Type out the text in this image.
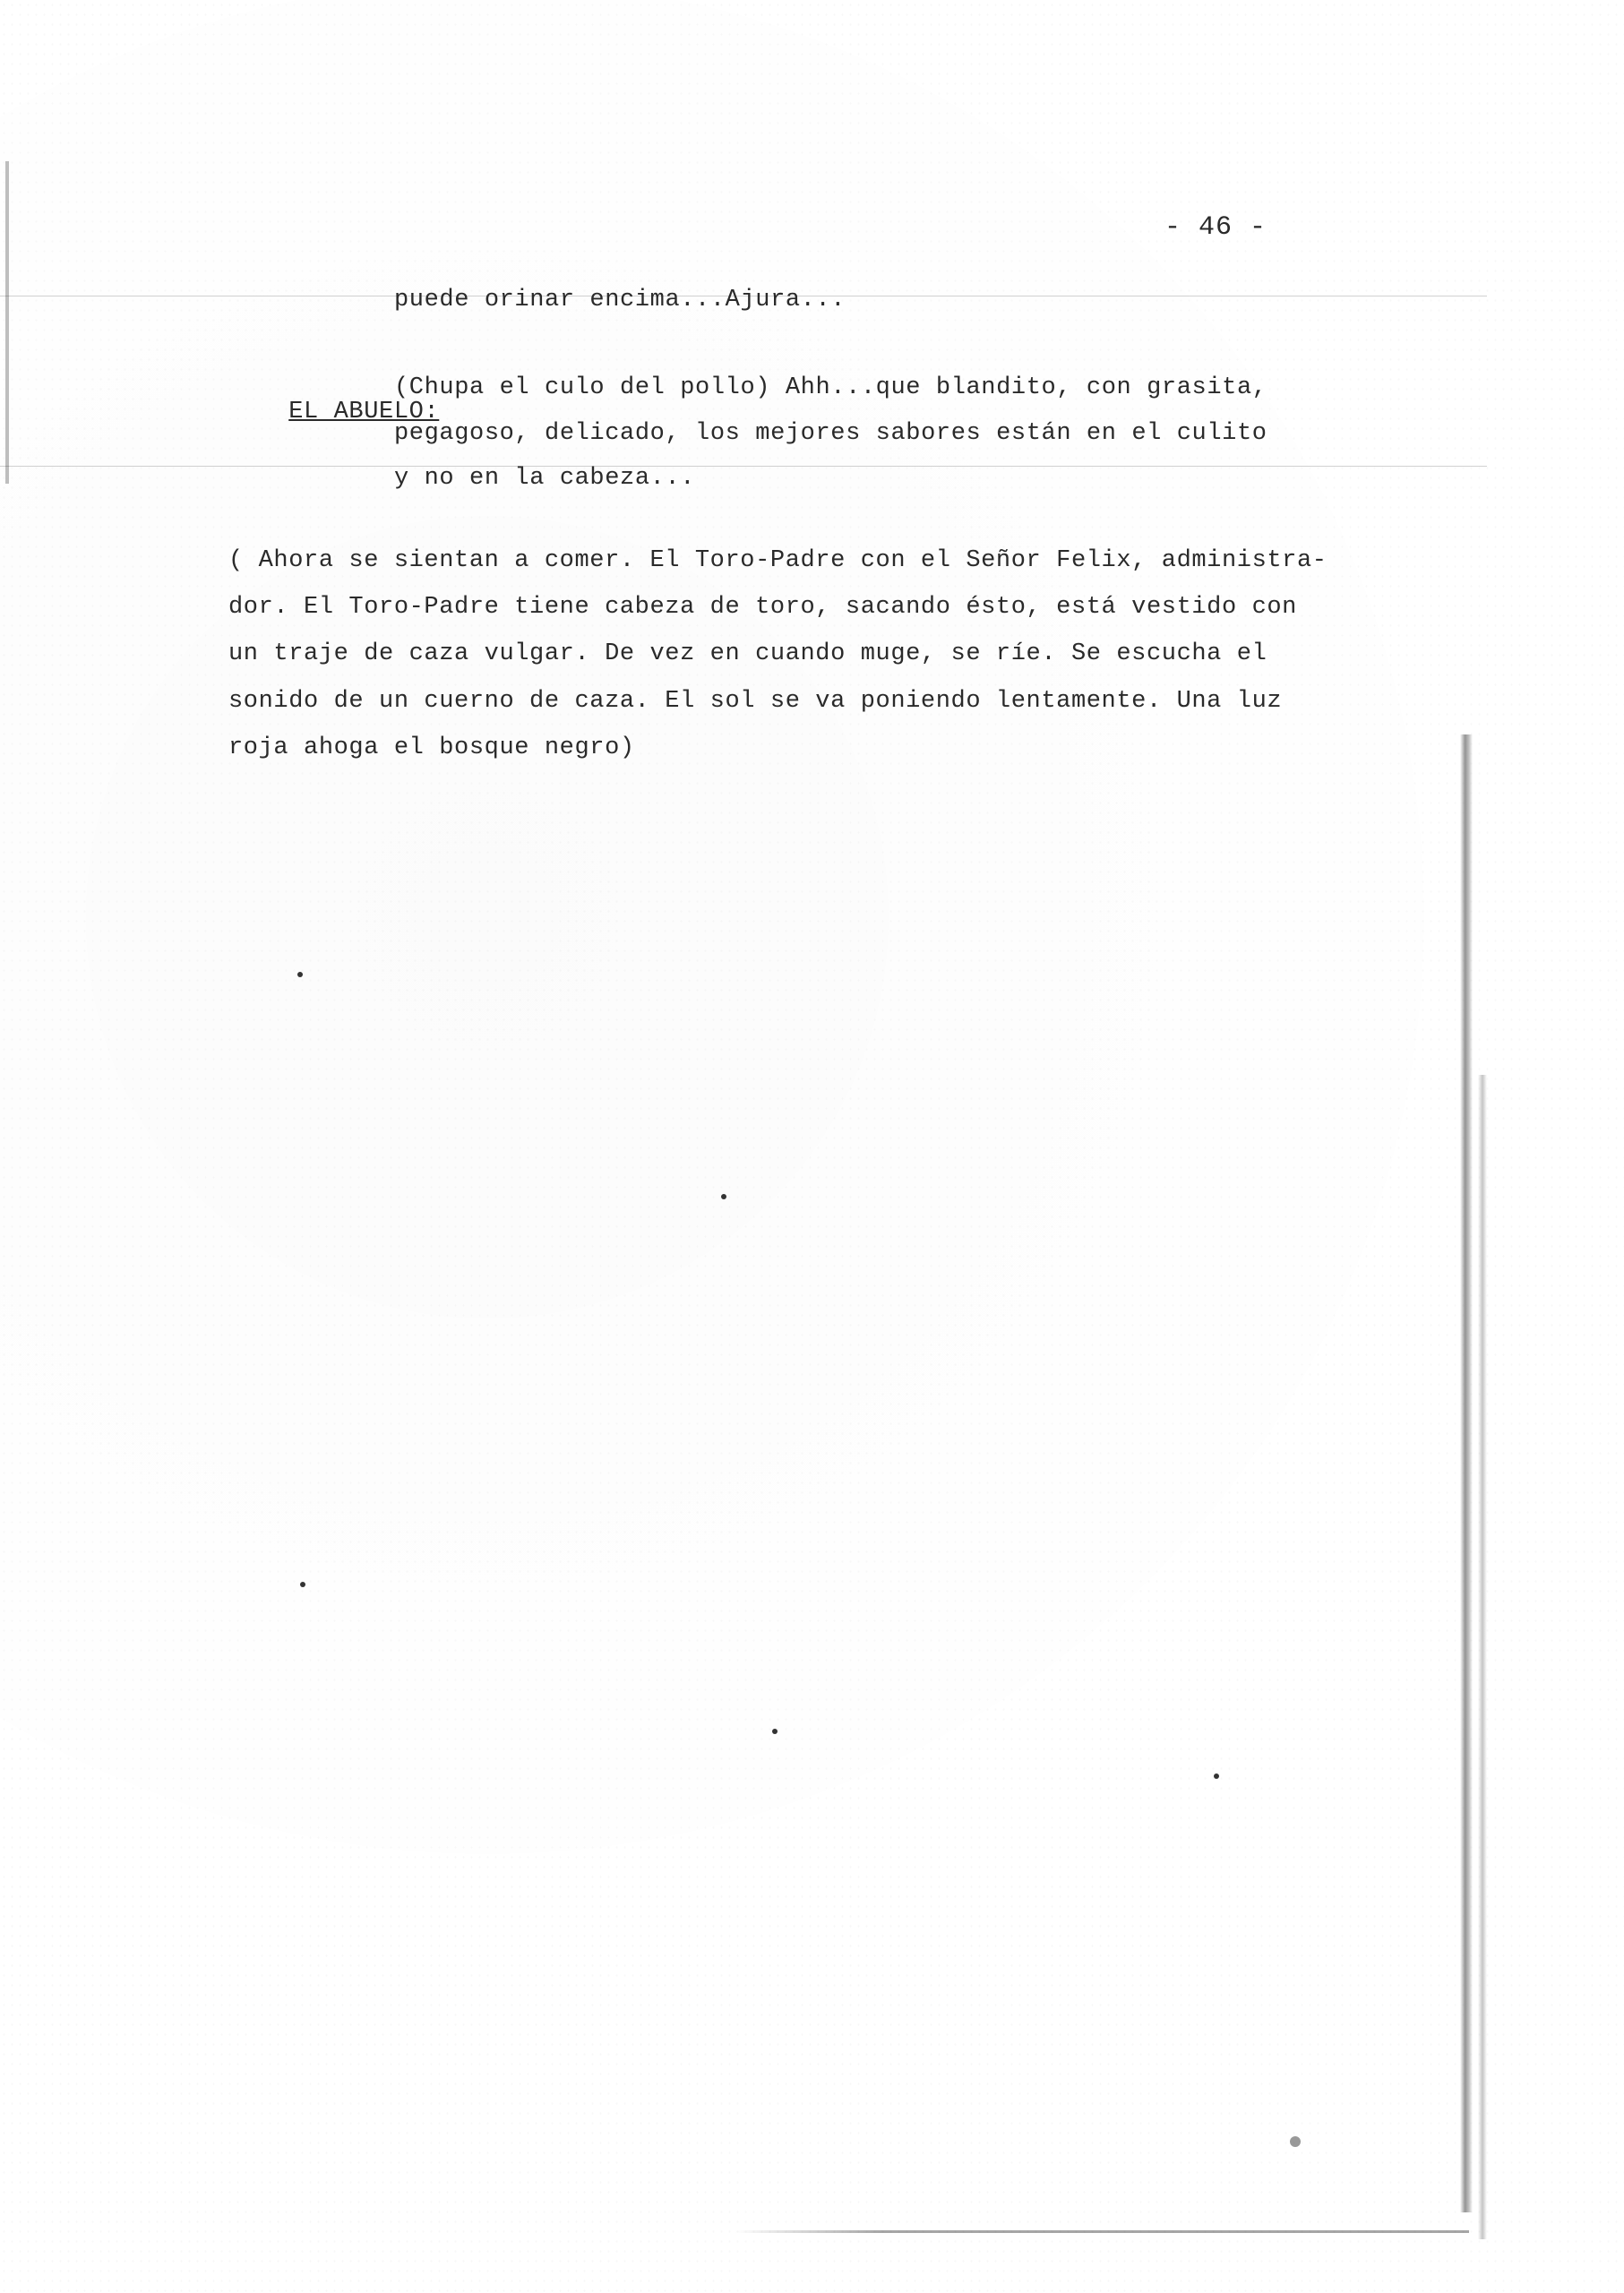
- 46 -
puede orinar encima...Ajura...

EL ABUELO:

(Chupa el culo del pollo) Ahh...que blandito, con grasita,
pegagoso, delicado, los mejores sabores están en el culito
y no en la cabeza...
( Ahora se sientan a comer. El Toro-Padre con el Señor Felix, administra-
dor. El Toro-Padre tiene cabeza de toro, sacando ésto, está vestido con
un traje de caza vulgar. De vez en cuando muge, se ríe. Se escucha el
sonido de un cuerno de caza. El sol se va poniendo lentamente. Una luz
roja ahoga el bosque negro)
